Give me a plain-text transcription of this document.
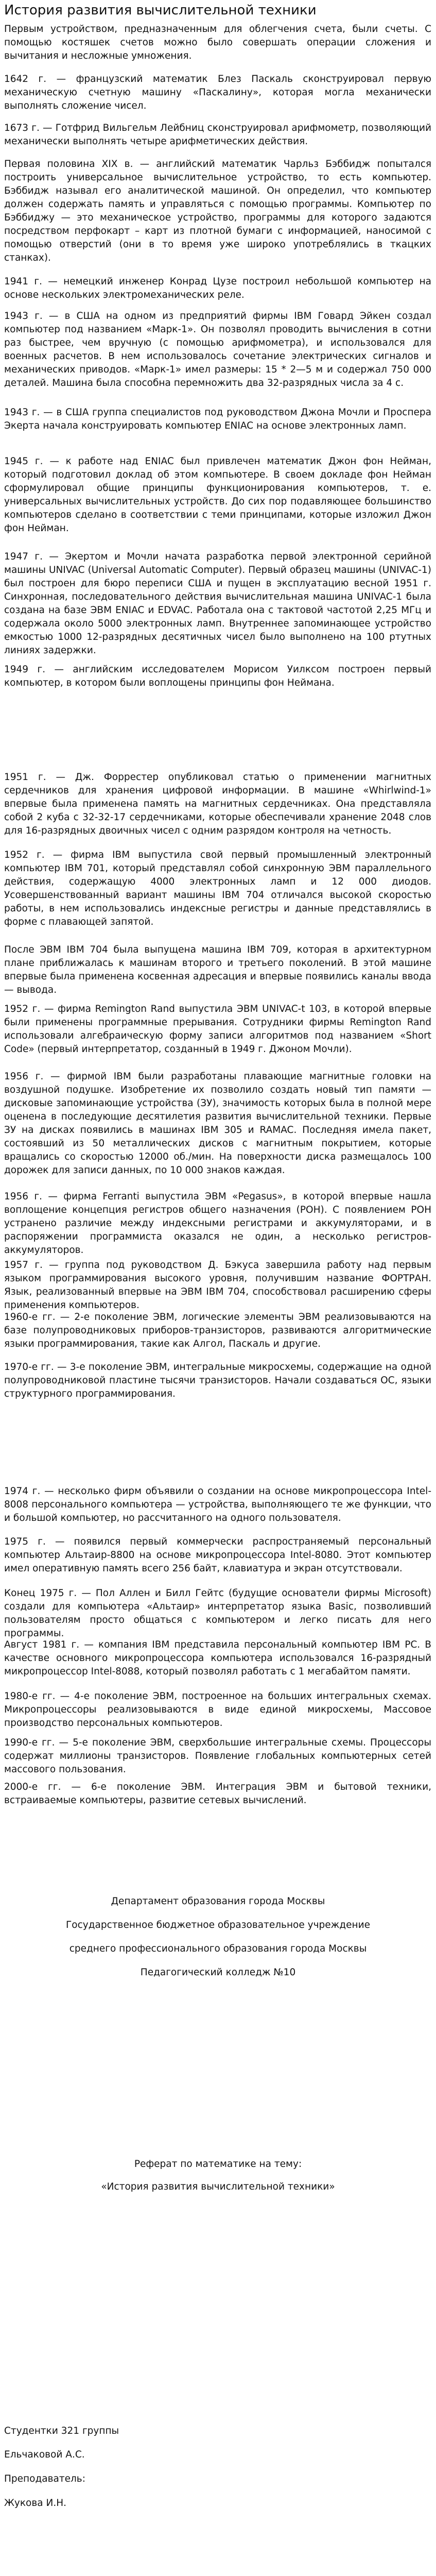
История развития вычислительной техники

Первым устройством, предназначенным для облегчения счета, были счеты. С помощью костяшек счетов можно было совершать операции сложения и вычитания и несложные умножения.

1642 г. — французский математик Блез Паскаль сконструировал первую механическую счетную машину «Паскалину», которая могла механически выполнять сложение чисел.

1673 г. — Готфрид Вильгельм Лейбниц сконструировал арифмометр, позволяющий механически выполнять четыре арифметических действия.

Первая половина XIX в. — английский математик Чарльз Бэббидж попытался построить универсальное вычислительное устройство, то есть компьютер. Бэббидж называл его аналитической машиной. Он определил, что компьютер должен содержать память и управляться с помощью программы. Компьютер по Бэббиджу — это механическое устройство, программы для которого задаются посредством перфокарт – карт из плотной бумаги с информацией, наносимой с помощью отверстий (они в то время уже широко употреблялись в ткацких станках).

1941 г. — немецкий инженер Конрад Цузе построил небольшой компьютер на основе нескольких электромеханических реле.

1943 г. — в США на одном из предприятий фирмы IBM Говард Эйкен создал компьютер под названием «Марк-1». Он позволял проводить вычисления в сотни раз быстрее, чем вручную (с помощью арифмометра), и использовался для военных расчетов. В нем использовалось сочетание электрических сигналов и механических приводов. «Марк-1» имел размеры: 15 * 2—5 м и содержал 750 000 деталей. Машина была способна перемножить два 32-разрядных числа за 4 с.

1943 г. — в США группа специалистов под руководством Джона Мочли и Проспера Экерта начала конструировать компьютер ENIAC на основе электронных ламп.

1945 г. — к работе над ENIAC был привлечен математик Джон фон Нейман, который подготовил доклад об этом компьютере. В своем докладе фон Нейман сформулировал общие принципы функционирования компьютеров, т. е. универсальных вычислительных устройств. До сих пор подавляющее большинство компьютеров сделано в соответствии с теми принципами, которые изложил Джон фон Нейман.

1947 г. — Экертом и Мочли начата разработка первой электронной серийной машины UNIVAC (Universal Automatic Computer). Первый образец машины (UNIVAC-1) был построен для бюро переписи США и пущен в эксплуатацию весной 1951 г. Синхронная, последовательного действия вычислительная машина UNIVAC-1 была создана на базе ЭВМ ENIAC и EDVAC. Работала она с тактовой частотой 2,25 МГц и содержала около 5000 электронных ламп. Внутреннее запоминающее устройство емкостью 1000 12-разрядных десятичных чисел было выполнено на 100 ртутных линиях задержки.

1949 г. — английским исследователем Морисом Уилксом построен первый компьютер, в котором были воплощены принципы фон Неймана.

1951 г. — Дж. Форрестер опубликовал статью о применении магнитных сердечников для хранения цифровой информации. В машине «Whirlwind-1» впервые была применена память на магнитных сердечниках. Она представляла собой 2 куба с 32-32-17 сердечниками, которые обеспечивали хранение 2048 слов для 16-разрядных двоичных чисел с одним разрядом контроля на четность.

1952 г. — фирма IBM выпустила свой первый промышленный электронный компьютер IBM 701, который представлял собой синхронную ЭВМ параллельного действия, содержащую 4000 электронных ламп и 12 000 диодов. Усовершенствованный вариант машины IBM 704 отличался высокой скоростью работы, в нем использовались индексные регистры и данные представлялись в форме с плавающей запятой.

После ЭВМ IBM 704 была выпущена машина IBM 709, которая в архитектурном плане приближалась к машинам второго и третьего поколений. В этой машине впервые была применена косвенная адресация и впервые появились каналы ввода — вывода.

1952 г. — фирма Remington Rand выпустила ЭВМ UNIVAC-t 103, в которой впервые были применены программные прерывания. Сотрудники фирмы Remington Rand использовали алгебраическую форму записи алгоритмов под названием «Short Code» (первый интерпретатор, созданный в 1949 г. Джоном Мочли).

1956 г. — фирмой IBM были разработаны плавающие магнитные головки на воздушной подушке. Изобретение их позволило создать новый тип памяти — дисковые запоминающие устройства (ЗУ), значимость которых была в полной мере оценена в последующие десятилетия развития вычислительной техники. Первые ЗУ на дисках появились в машинах IBM 305 и RAMAC. Последняя имела пакет, состоявший из 50 металлических дисков с магнитным покрытием, которые вращались со скоростью 12000 об./мин. На поверхности диска размещалось 100 дорожек для записи данных, по 10 000 знаков каждая.

1956 г. — фирма Ferranti выпустила ЭВМ «Pegasus», в которой впервые нашла воплощение концепция регистров общего назначения (РОН). С появлением РОН устранено различие между индексными регистрами и аккумуляторами, и в распоряжении программиста оказался не один, а несколько регистров-аккумуляторов.

1957 г. — группа под руководством Д. Бэкуса завершила работу над первым языком программирования высокого уровня, получившим название ФОРТРАН. Язык, реализованный впервые на ЭВМ IBM 704, способствовал расширению сферы применения компьютеров.

1960-е гг. — 2-е поколение ЭВМ, логические элементы ЭВМ реализовываются на базе полупроводниковых приборов-транзисторов, развиваются алгоритмические языки программирования, такие как Алгол, Паскаль и другие.

1970-е гг. — 3-е поколение ЭВМ, интегральные микросхемы, содержащие на одной полупроводниковой пластине тысячи транзисторов. Начали создаваться ОС, языки структурного программирования.

1974 г. — несколько фирм объявили о создании на основе микропроцессора Intel-8008 персонального компьютера — устройства, выполняющего те же функции, что и большой компьютер, но рассчитанного на одного пользователя.

1975 г. — появился первый коммерчески распространяемый персональный компьютер Альтаир-8800 на основе микропроцессора Intel-8080. Этот компьютер имел оперативную память всего 256 байт, клавиатура и экран отсутствовали.

Конец 1975 г. — Пол Аллен и Билл Гейтс (будущие основатели фирмы Microsoft) создали для компьютера «Альтаир» интерпретатор языка Basic, позволивший пользователям просто общаться с компьютером и легко писать для него программы.

Август 1981 г. — компания IBM представила персональный компьютер IBM PC. В качестве основного микропроцессора компьютера использовался 16-разрядный микропроцессор Intel-8088, который позволял работать с 1 мегабайтом памяти.

1980-е гг. — 4-е поколение ЭВМ, построенное на больших интегральных схемах. Микропроцессоры реализовываются в виде единой микросхемы, Массовое производство персональных компьютеров.

1990-е гг. — 5-е поколение ЭВМ, сверхбольшие интегральные схемы. Процессоры содержат миллионы транзисторов. Появление глобальных компьютерных сетей массового пользования.

2000-е гг. — 6-е поколение ЭВМ. Интеграция ЭВМ и бытовой техники, встраиваемые компьютеры, развитие сетевых вычислений.

Департамент образования города Москвы

Государственное бюджетное образовательное учреждение

среднего профессионального образования города Москвы

Педагогический колледж №10

Реферат по математике на тему:

«История развития вычислительной техники»

Студентки 321 группы

Ельчаковой А.С.

Преподаватель:

Жукова И.Н.
